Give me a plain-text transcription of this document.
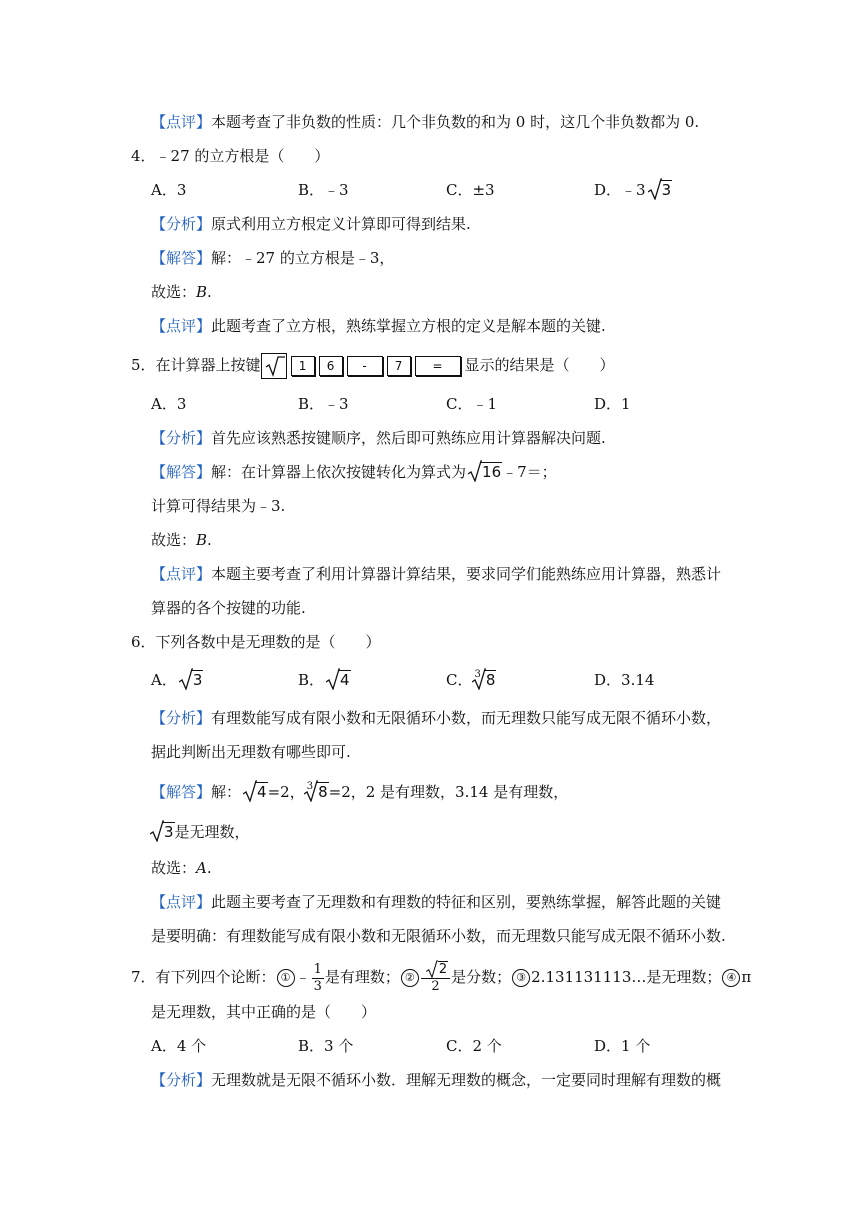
【点评】本题考查了非负数的性质：几个非负数的和为 0 时，这几个非负数都为 0.
4．﹣27 的立方根是（　　）
A．3	B．﹣3	C．±3	D．﹣3 3
【分析】原式利用立方根定义计算即可得到结果.
【解答】解：﹣27 的立方根是﹣3，
故选：B.
【点评】此题考查了立方根，熟练掌握立方根的定义是解本题的关键.
5．在计算器上按键	1 6 - 7	= 显示的结果是（　　）
A．3	B．﹣3	C．﹣1	D．1
【分析】首先应该熟悉按键顺序，然后即可熟练应用计算器解决问题.
【解答】解：在计算器上依次按键转化为算式为 16﹣7＝；
计算可得结果为﹣3.
故选：B.
【点评】本题主要考查了利用计算器计算结果，要求同学们能熟练应用计算器，熟悉计
算器的各个按键的功能.
6．下列各数中是无理数的是（　　）
A． 3	B． 4	C． $^3$ 8	D．3.14
【分析】有理数能写成有限小数和无限循环小数，而无理数只能写成无限不循环小数，
据此判断出无理数有哪些即可.
【解答】解： 4=2， $^3$ 8=2，2 是有理数，3.14 是有理数，
3是无理数，
故选：A.
【点评】此题主要考查了无理数和有理数的特征和区别，要熟练掌握，解答此题的关键
是要明确：有理数能写成有限小数和无限循环小数，而无理数只能写成无限不循环小数.
7．有下列四个论断： ① ﹣ $\frac{1}{3}$ 是有理数； ② $\frac{2}{2}$ 是分数； ③ 2.131131113…是无理数； ④ π
是无理数，其中正确的是（　　）
A．4 个	B．3 个	C．2 个	D．1 个
【分析】无理数就是无限不循环小数．理解无理数的概念，一定要同时理解有理数的概
